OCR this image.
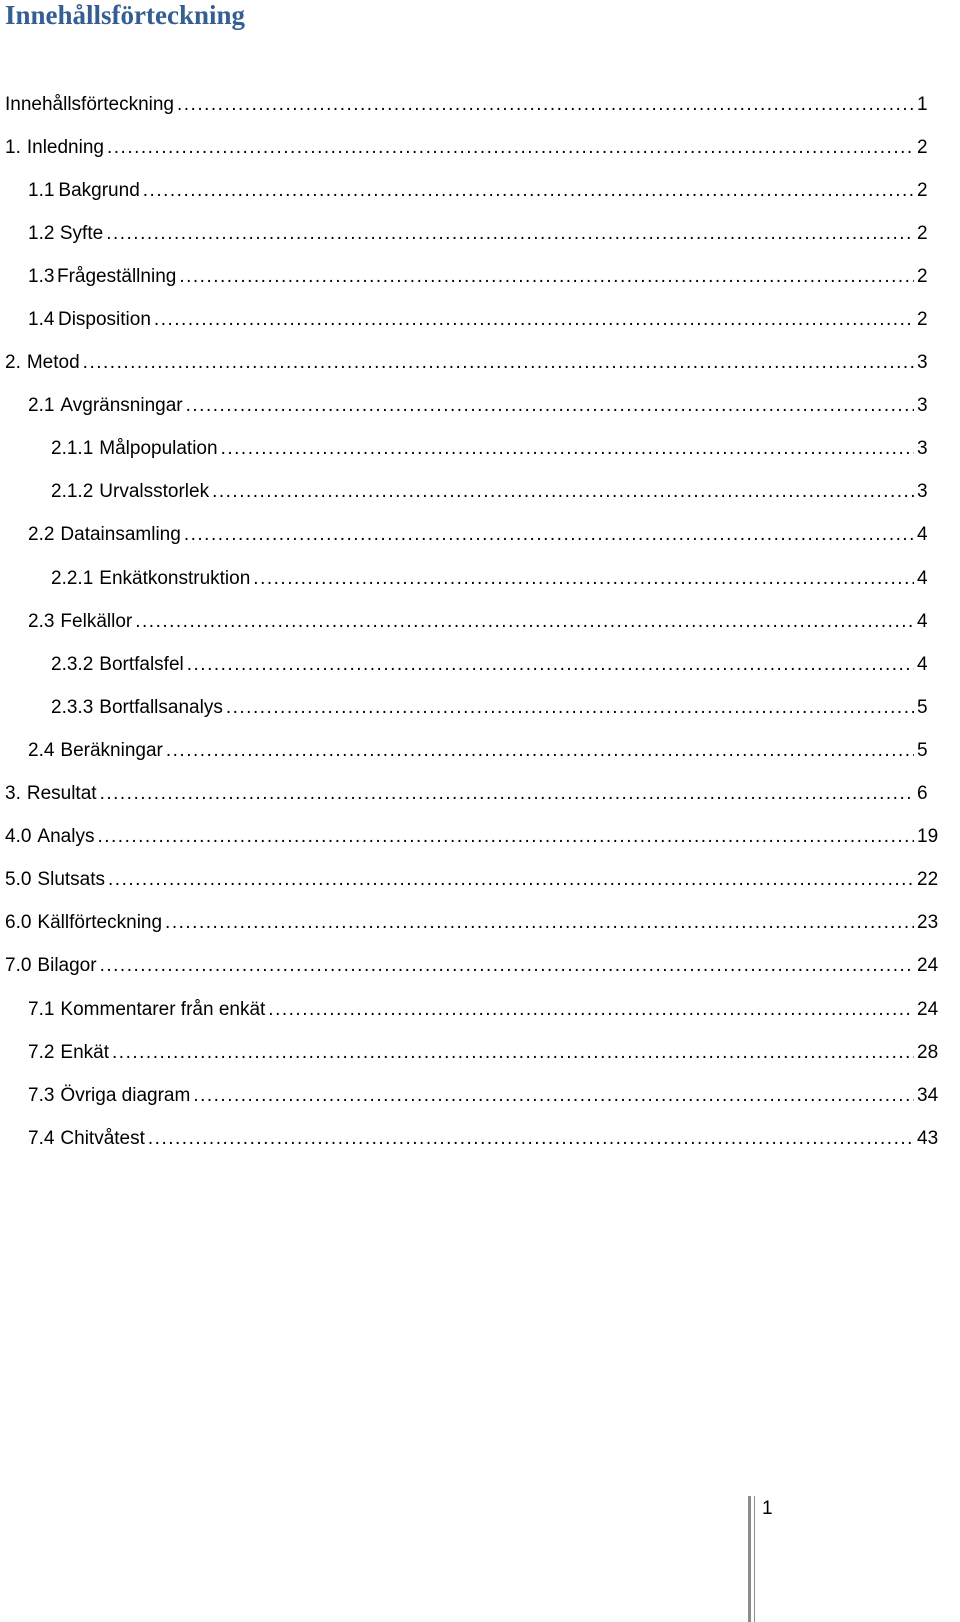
Innehållsförteckning
Innehållsförteckning .....	1
1. Inledning .....	2
1.1 Bakgrund .....	2
1.2 Syfte .....	2
1.3 Frågeställning .....	2
1.4 Disposition .....	2
2. Metod .....	3
2.1 Avgränsningar .....	3
2.1.1 Målpopulation .....	3
2.1.2 Urvalsstorlek .....	3
2.2 Datainsamling .....	4
2.2.1 Enkätkonstruktion .....	4
2.3 Felkällor .....	4
2.3.2 Bortfalsfel .....	4
2.3.3 Bortfallsanalys .....	5
2.4 Beräkningar .....	5
3. Resultat .....	6
4.0 Analys .....	19
5.0 Slutsats .....	22
6.0 Källförteckning .....	23
7.0 Bilagor .....	24
7.1 Kommentarer från enkät .....	24
7.2 Enkät .....	28
7.3 Övriga diagram .....	34
7.4 Chitvåtest .....	43
1
